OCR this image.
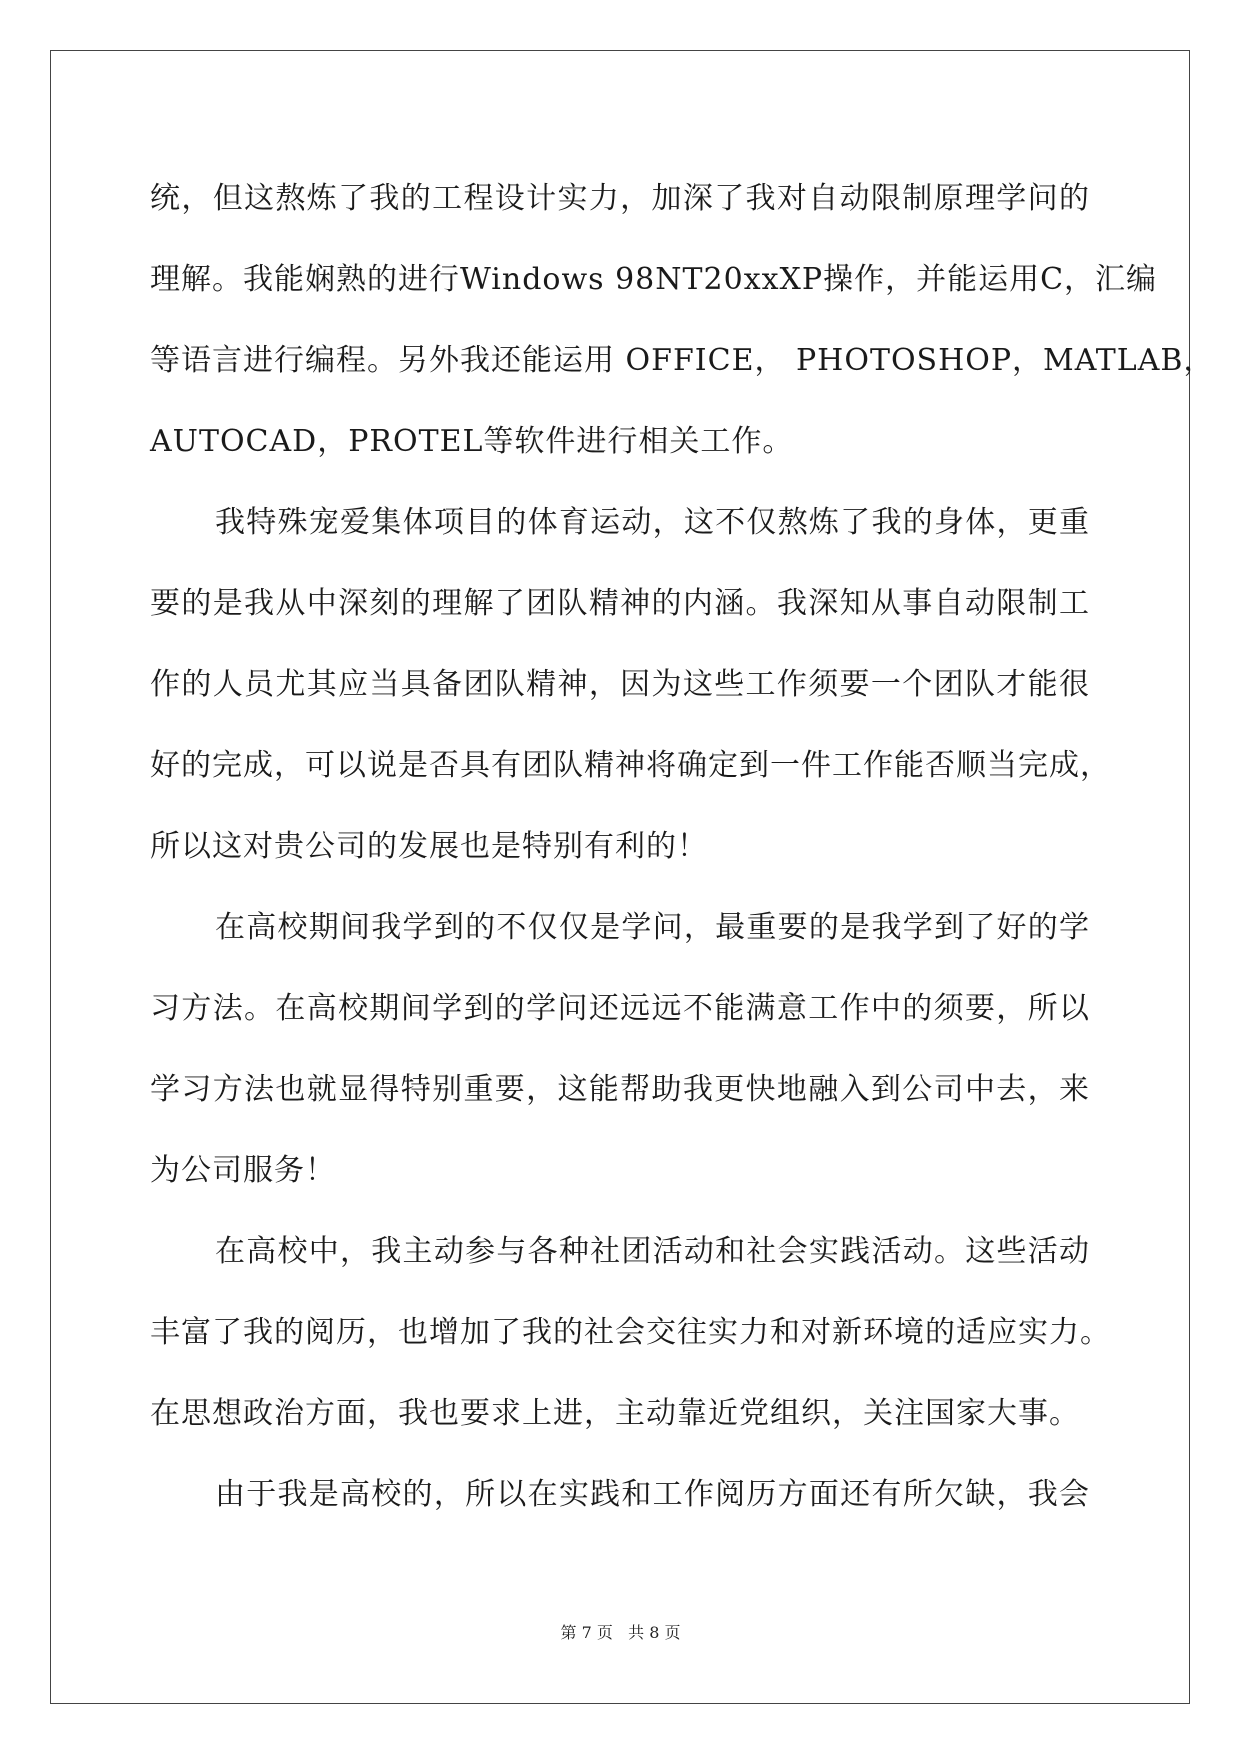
统，但这熬炼了我的工程设计实力，加深了我对自动限制原理学问的
理解。我能娴熟的进行Windows 98NT20xxXP操作，并能运用C，汇编
等语言进行编程。另外我还能运用 OFFICE， PHOTOSHOP，MATLAB，
AUTOCAD，PROTEL等软件进行相关工作。
我特殊宠爱集体项目的体育运动，这不仅熬炼了我的身体，更重
要的是我从中深刻的理解了团队精神的内涵。我深知从事自动限制工
作的人员尤其应当具备团队精神，因为这些工作须要一个团队才能很
好的完成，可以说是否具有团队精神将确定到一件工作能否顺当完成，
所以这对贵公司的发展也是特别有利的！
在高校期间我学到的不仅仅是学问，最重要的是我学到了好的学
习方法。在高校期间学到的学问还远远不能满意工作中的须要，所以
学习方法也就显得特别重要，这能帮助我更快地融入到公司中去，来
为公司服务！
在高校中，我主动参与各种社团活动和社会实践活动。这些活动
丰富了我的阅历，也增加了我的社会交往实力和对新环境的适应实力。
在思想政治方面，我也要求上进，主动靠近党组织，关注国家大事。
由于我是高校的，所以在实践和工作阅历方面还有所欠缺，我会
第 7 页   共 8 页
